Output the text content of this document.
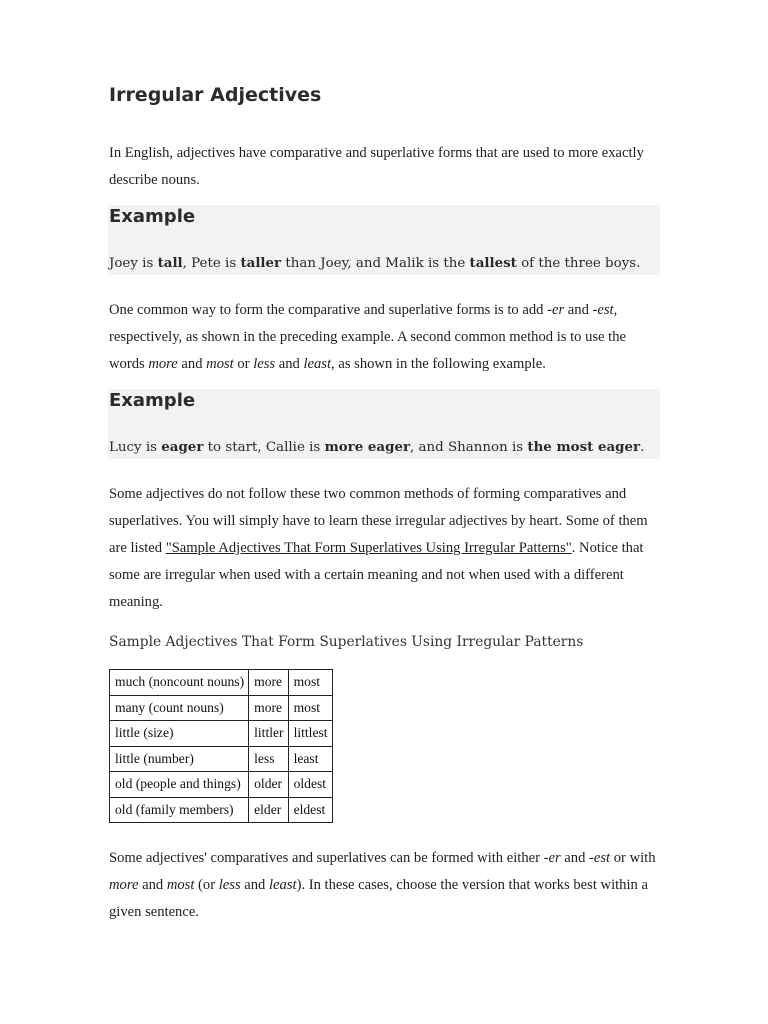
Irregular Adjectives

In English, adjectives have comparative and superlative forms that are used to more exactly describe nouns.

Example

Joey is tall, Pete is taller than Joey, and Malik is the tallest of the three boys.

One common way to form the comparative and superlative forms is to add -er and -est, respectively, as shown in the preceding example. A second common method is to use the words more and most or less and least, as shown in the following example.

Example

Lucy is eager to start, Callie is more eager, and Shannon is the most eager.

Some adjectives do not follow these two common methods of forming comparatives and superlatives. You will simply have to learn these irregular adjectives by heart. Some of them are listed "Sample Adjectives That Form Superlatives Using Irregular Patterns". Notice that some are irregular when used with a certain meaning and not when used with a different meaning.

Sample Adjectives That Form Superlatives Using Irregular Patterns

much (noncount nouns)	more	most
many (count nouns)	more	most
little (size)	littler	littlest
little (number)	less	least
old (people and things)	older	oldest
old (family members)	elder	eldest

Some adjectives' comparatives and superlatives can be formed with either -er and -est or with more and most (or less and least). In these cases, choose the version that works best within a given sentence.
